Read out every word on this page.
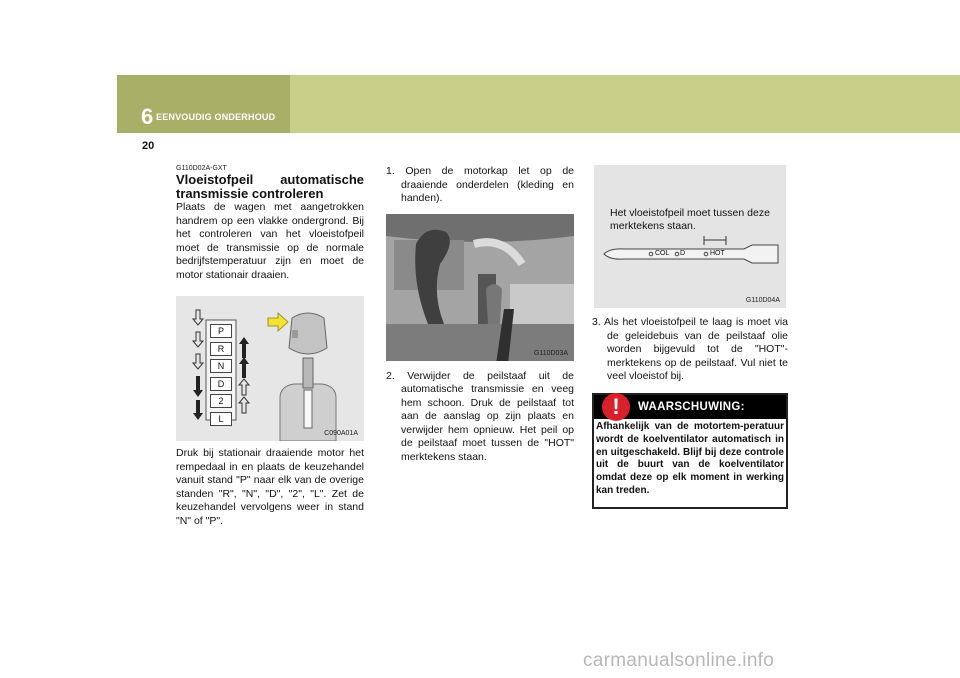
6 EENVOUDIG ONDERHOUD
20

G110D02A-GXT

Vloeistofpeil automatische transmissie controleren

Plaats de wagen met aangetrokken handrem op een vlakke ondergrond. Bij het controleren van het vloeistofpeil moet de transmissie op de normale bedrijfstemperatuur zijn en moet de motor stationair draaien.

P
R
N
D
2
L
C090A01A

Druk bij stationair draaiende motor het rempedaal in en plaats de keuzehandel vanuit stand "P" naar elk van de overige standen "R", "N", "D", "2", "L". Zet de keuzehandel vervolgens weer in stand "N" of "P".

1. Open de motorkap let op de draaiende onderdelen (kleding en handen).
G110D03A
2. Verwijder de peilstaaf uit de automatische transmissie en veeg hem schoon. Druk de peilstaaf tot aan de aanslag op zijn plaats en verwijder hem opnieuw. Het peil op de peilstaaf moet tussen de "HOT" merktekens staan.
Het vloeistofpeil moet tussen deze merktekens staan.
COL D	HOT
G110D04A
3. Als het vloeistofpeil te laag is moet via de geleidebuis van de peilstaaf olie worden bijgevuld tot de "HOT"-merktekens op de peilstaaf. Vul niet te veel vloeistof bij.
WAARSCHUWING:

Afhankelijk van de motortem-peratuur wordt de koelventilator automatisch in en uitgeschakeld. Blijf bij deze controle uit de buurt van de koelventilator omdat deze op elk moment in werking kan treden.

!
carmanualsonline.info
